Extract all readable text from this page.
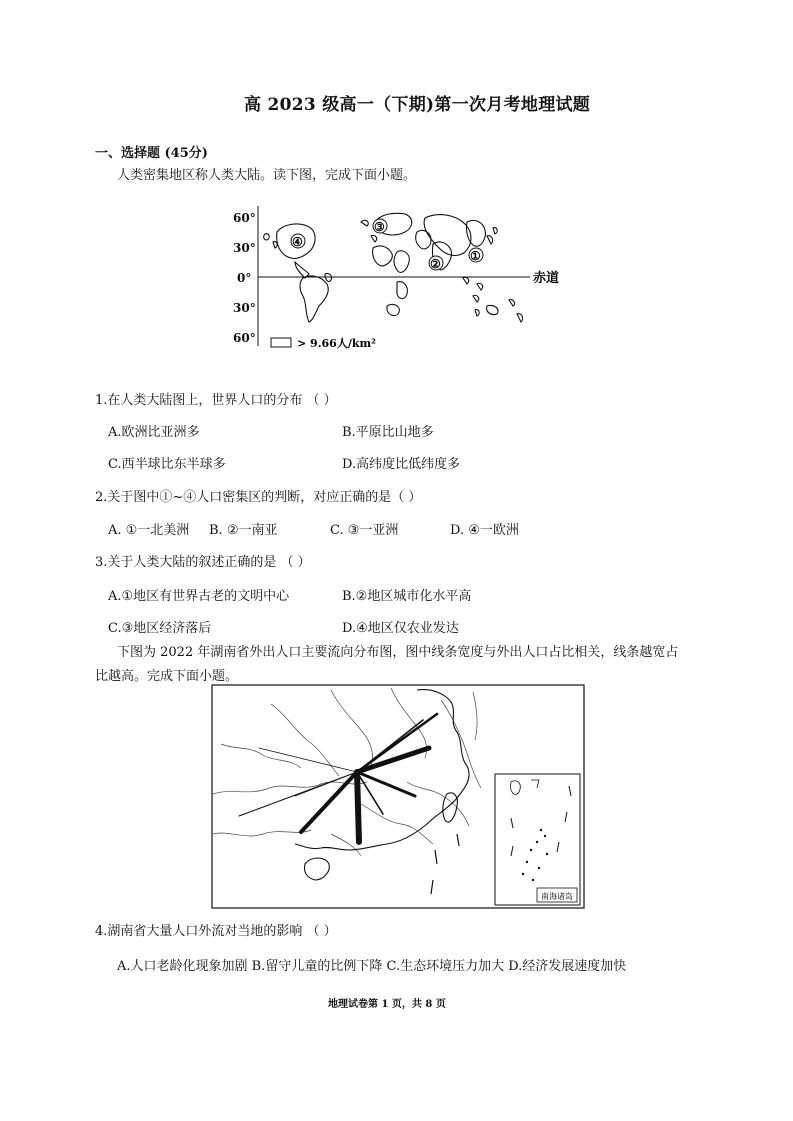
高 2023 级高一（下期)第一次月考地理试题
一、选择题 (45分)
人类密集地区称人类大陆。读下图，完成下面小题。
60°
30°
0°
30°
60°
赤道
④
③
②
①
> 9.66人/km²
1.在人类大陆图上，世界人口的分布 （ ）
A.欧洲比亚洲多	B.平原比山地多
C.西半球比东半球多	D.高纬度比低纬度多
2.关于图中①~④人口密集区的判断，对应正确的是（ ）
A. ①一北美洲 B. ②一南亚	C. ③一亚洲	D. ④一欧洲
3.关于人类大陆的叙述正确的是 （ ）
A.①地区有世界古老的文明中心	B.②地区城市化水平高
C.③地区经济落后	D.④地区仅农业发达
下图为 2022 年湖南省外出人口主要流向分布图，图中线条宽度与外出人口占比相关，线条越宽占
比越高。完成下面小题。
南海诸岛
4.湖南省大量人口外流对当地的影响 （ ）
A.人口老龄化现象加剧 B.留守儿童的比例下降 C.生态环境压力加大 D.经济发展速度加快
地理试卷第 1 页，共 8 页
